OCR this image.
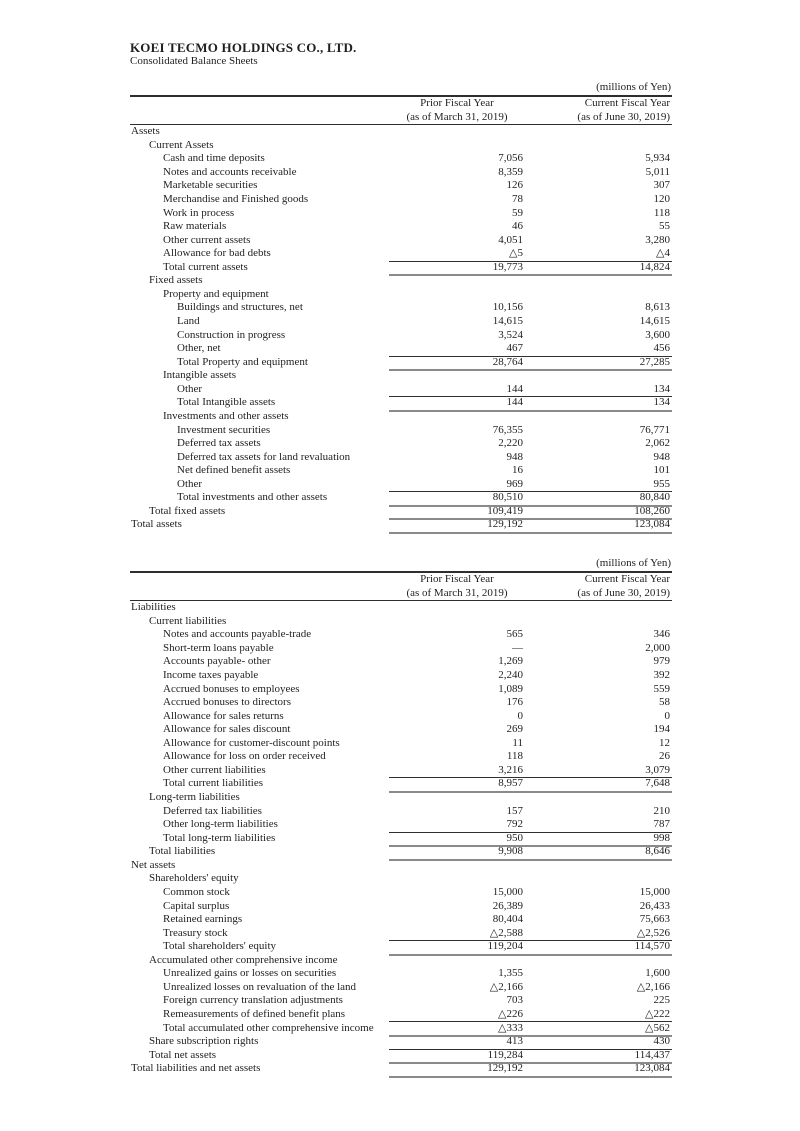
KOEI TECMO HOLDINGS CO., LTD.
Consolidated Balance Sheets
(millions of Yen)
Prior Fiscal Year	Current Fiscal Year
(as of March 31, 2019)	(as of June 30, 2019)
Assets
Current Assets
Cash and time deposits	7,056	5,934
Notes and accounts receivable	8,359	5,011
Marketable securities	126	307
Merchandise and Finished goods	78	120
Work in process	59	118
Raw materials	46	55
Other current assets	4,051	3,280
Allowance for bad debts	△5	△4
Total current assets	19,773	14,824
Fixed assets
Property and equipment
Buildings and structures, net	10,156	8,613
Land	14,615	14,615
Construction in progress	3,524	3,600
Other, net	467	456
Total Property and equipment	28,764	27,285
Intangible assets
Other	144	134
Total Intangible assets	144	134
Investments and other assets
Investment securities	76,355	76,771
Deferred tax assets	2,220	2,062
Deferred tax assets for land revaluation	948	948
Net defined benefit assets	16	101
Other	969	955
Total investments and other assets	80,510	80,840
Total fixed assets	109,419	108,260
Total assets	129,192	123,084
(millions of Yen)
Prior Fiscal Year	Current Fiscal Year
(as of March 31, 2019)	(as of June 30, 2019)
Liabilities
Current liabilities
Notes and accounts payable-trade	565	346
Short-term loans payable	—	2,000
Accounts payable- other	1,269	979
Income taxes payable	2,240	392
Accrued bonuses to employees	1,089	559
Accrued bonuses to directors	176	58
Allowance for sales returns	0	0
Allowance for sales discount	269	194
Allowance for customer-discount points	11	12
Allowance for loss on order received	118	26
Other current liabilities	3,216	3,079
Total current liabilities	8,957	7,648
Long-term liabilities
Deferred tax liabilities	157	210
Other long-term liabilities	792	787
Total long-term liabilities	950	998
Total liabilities	9,908	8,646
Net assets
Shareholders' equity
Common stock	15,000	15,000
Capital surplus	26,389	26,433
Retained earnings	80,404	75,663
Treasury stock	△2,588	△2,526
Total shareholders' equity	119,204	114,570
Accumulated other comprehensive income
Unrealized gains or losses on securities	1,355	1,600
Unrealized losses on revaluation of the land	△2,166	△2,166
Foreign currency translation adjustments	703	225
Remeasurements of defined benefit plans	△226	△222
Total accumulated other comprehensive income	△333	△562
Share subscription rights	413	430
Total net assets	119,284	114,437
Total liabilities and net assets	129,192	123,084
